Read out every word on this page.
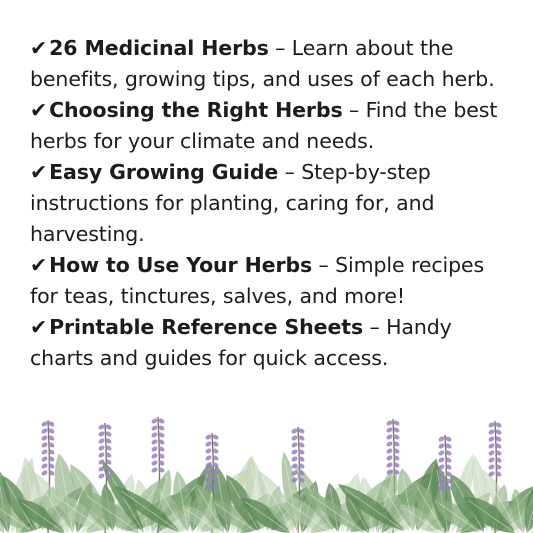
✔26 Medicinal Herbs – Learn about the benefits, growing tips, and uses of each herb.
✔Choosing the Right Herbs – Find the best herbs for your climate and needs.
✔Easy Growing Guide – Step-by-step instructions for planting, caring for, and harvesting.
✔How to Use Your Herbs – Simple recipes for teas, tinctures, salves, and more!
✔Printable Reference Sheets – Handy charts and guides for quick access.
